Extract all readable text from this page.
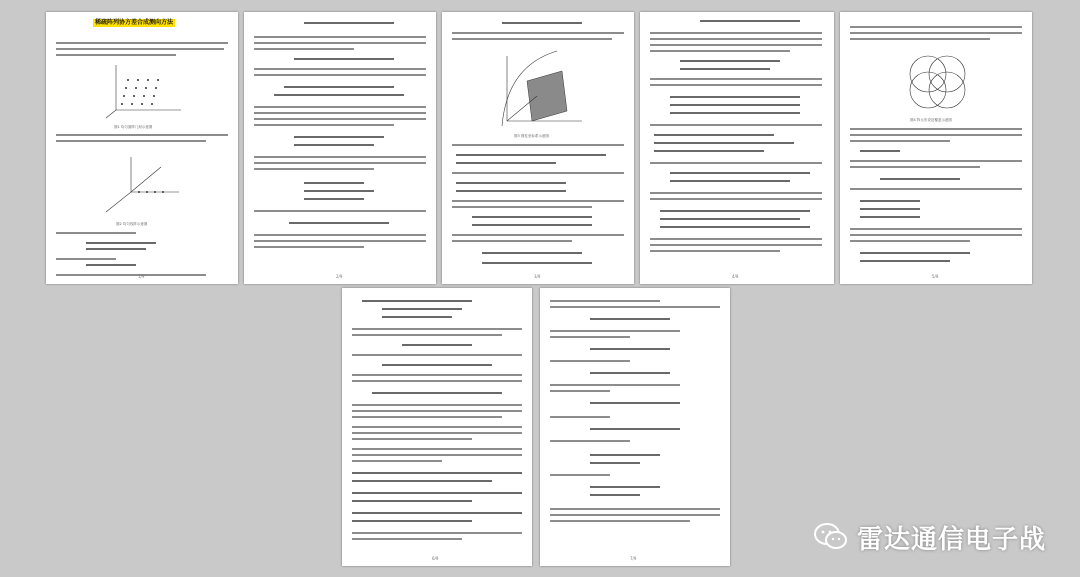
稀疏阵列协方差合成测向方法
图1 均匀面阵几何示意图
图2 均匀线阵示意图
1/9	2/9
图3 圆柱坐标系示意图
3/9	4/9
图4 阵元布设及覆盖示意图
5/9
6/9	7/9
雷达通信电子战
